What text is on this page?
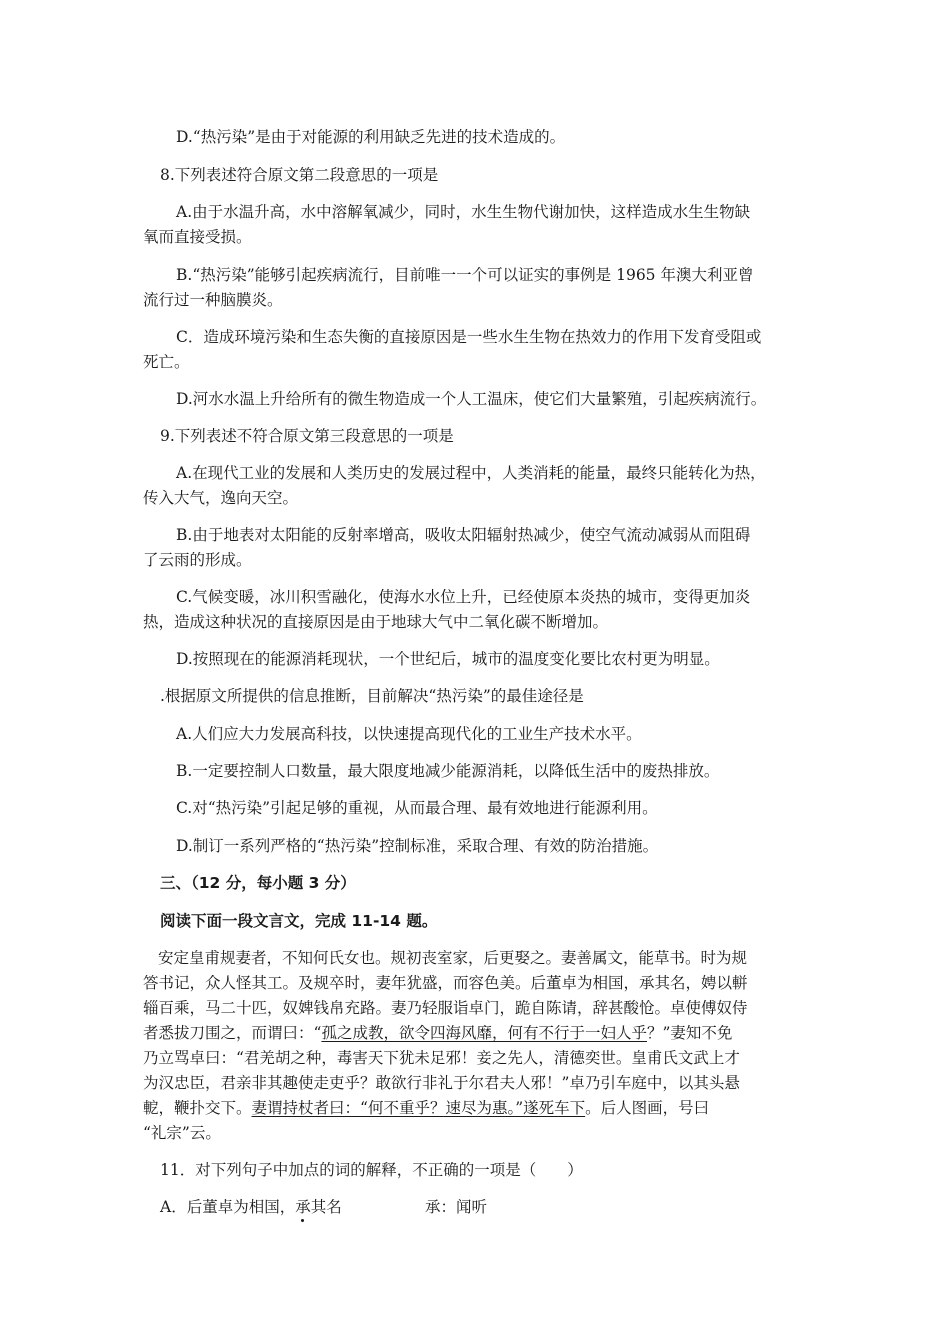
D.“热污染”是由于对能源的利用缺乏先进的技术造成的。
8.下列表述符合原文第二段意思的一项是
A.由于水温升高，水中溶解氧减少，同时，水生生物代谢加快，这样造成水生生物缺
氧而直接受损。
B.“热污染”能够引起疾病流行，目前唯一一个可以证实的事例是 1965 年澳大利亚曾
流行过一种脑膜炎。
C．造成环境污染和生态失衡的直接原因是一些水生生物在热效力的作用下发育受阻或
死亡。
D.河水水温上升给所有的微生物造成一个人工温床，使它们大量繁殖，引起疾病流行。
9.下列表述不符合原文第三段意思的一项是
A.在现代工业的发展和人类历史的发展过程中，人类消耗的能量，最终只能转化为热，
传入大气，逸向天空。
B.由于地表对太阳能的反射率增高，吸收太阳辐射热减少，使空气流动减弱从而阻碍
了云雨的形成。
C.气候变暖，冰川积雪融化，使海水水位上升，已经使原本炎热的城市，变得更加炎
热，造成这种状况的直接原因是由于地球大气中二氧化碳不断增加。
D.按照现在的能源消耗现状，一个世纪后，城市的温度变化要比农村更为明显。
.根据原文所提供的信息推断，目前解决“热污染”的最佳途径是
A.人们应大力发展高科技，以快速提高现代化的工业生产技术水平。
B.一定要控制人口数量，最大限度地减少能源消耗，以降低生活中的废热排放。
C.对“热污染”引起足够的重视，从而最合理、最有效地进行能源利用。
D.制订一系列严格的“热污染”控制标准，采取合理、有效的防治措施。
三、（12 分，每小题 3 分）
阅读下面一段文言文，完成 11-14 题。
安定皇甫规妻者，不知何氏女也。规初丧室家，后更娶之。妻善属文，能草书。时为规
答书记，众人怪其工。及规卒时，妻年犹盛，而容色美。后董卓为相国，承其名，娉以軿
辎百乘，马二十匹，奴婢钱帛充路。妻乃轻服诣卓门，跪自陈请，辞甚酸怆。卓使傅奴侍
者悉拔刀围之，而谓曰：“孤之成教，欲令四海风靡，何有不行于一妇人乎？”妻知不免
乃立骂卓曰：“君羌胡之种，毒害天下犹未足邪！妾之先人，清德奕世。皇甫氏文武上才
为汉忠臣，君亲非其趣使走吏乎？敢欲行非礼于尔君夫人邪！”卓乃引车庭中，以其头悬
軶，鞭扑交下。妻谓持杖者曰：“何不重乎？速尽为惠。”遂死车下。后人图画，号曰
“礼宗”云。
11．对下列句子中加点的词的解释，不正确的一项是（　　）
A．后董卓为相国，承其名	承：闻听
